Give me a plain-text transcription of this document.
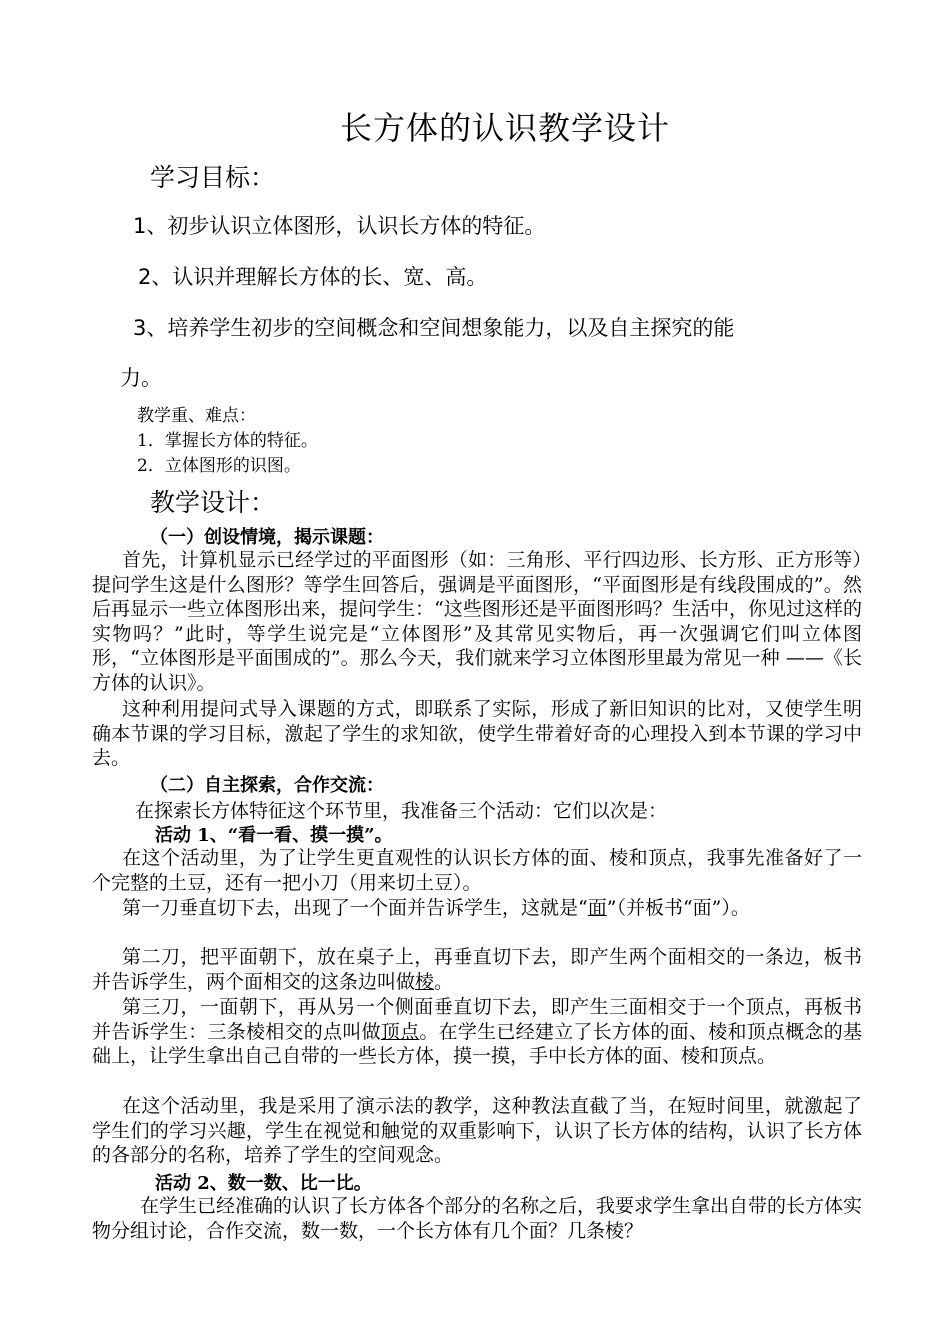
长方体的认识教学设计
学习目标：
1、初步认识立体图形，认识长方体的特征。
2、认识并理解长方体的长、宽、高。
3、培养学生初步的空间概念和空间想象能力，以及自主探究的能
力。
教学重、难点：
1．掌握长方体的特征。
2．立体图形的识图。
教学设计：
（一）创设情境，揭示课题：
首先，计算机显示已经学过的平面图形（如：三角形、平行四边形、长方形、正方形等）提问学生这是什么图形？等学生回答后，强调是平面图形，“平面图形是有线段围成的”。然后再显示一些立体图形出来，提问学生：“这些图形还是平面图形吗？生活中，你见过这样的实物吗？”此时，等学生说完是“立体图形”及其常见实物后，再一次强调它们叫立体图形，“立体图形是平面围成的”。那么今天，我们就来学习立体图形里最为常见一种 ——《长方体的认识》。
这种利用提问式导入课题的方式，即联系了实际，形成了新旧知识的比对，又使学生明确本节课的学习目标，激起了学生的求知欲，使学生带着好奇的心理投入到本节课的学习中去。
（二）自主探索，合作交流：
在探索长方体特征这个环节里，我准备三个活动：它们以次是：
活动 1、“看一看、摸一摸”。
在这个活动里，为了让学生更直观性的认识长方体的面、棱和顶点，我事先准备好了一个完整的土豆，还有一把小刀（用来切土豆）。
第一刀垂直切下去，出现了一个面并告诉学生，这就是“面”（并板书“面”）。
第二刀，把平面朝下，放在桌子上，再垂直切下去，即产生两个面相交的一条边，板书并告诉学生，两个面相交的这条边叫做棱。
第三刀，一面朝下，再从另一个侧面垂直切下去，即产生三面相交于一个顶点，再板书并告诉学生：三条棱相交的点叫做顶点。在学生已经建立了长方体的面、棱和顶点概念的基础上，让学生拿出自己自带的一些长方体，摸一摸，手中长方体的面、棱和顶点。
在这个活动里，我是采用了演示法的教学，这种教法直截了当，在短时间里，就激起了学生们的学习兴趣，学生在视觉和触觉的双重影响下，认识了长方体的结构，认识了长方体的各部分的名称，培养了学生的空间观念。
活动 2、数一数、比一比。
在学生已经准确的认识了长方体各个部分的名称之后，我要求学生拿出自带的长方体实物分组讨论，合作交流，数一数，一个长方体有几个面？几条棱？
